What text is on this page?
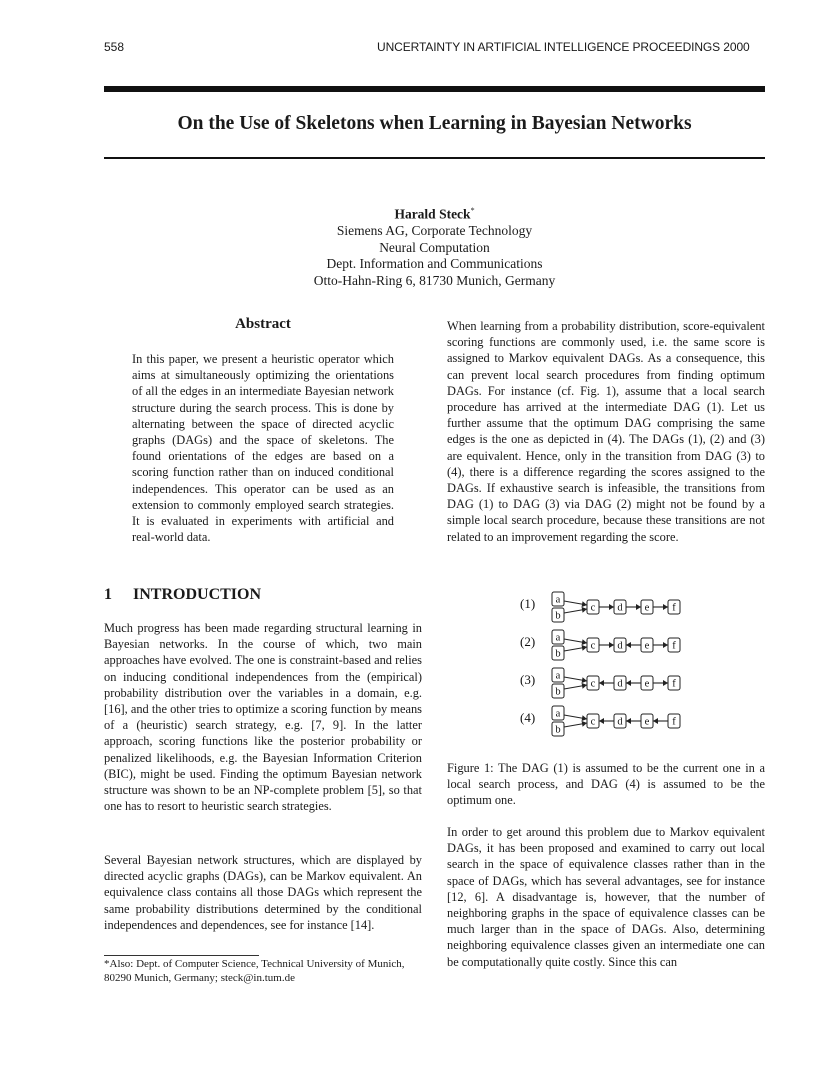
558	UNCERTAINTY IN ARTIFICIAL INTELLIGENCE PROCEEDINGS 2000
On the Use of Skeletons when Learning in Bayesian Networks
Harald Steck*
Siemens AG, Corporate Technology
Neural Computation
Dept. Information and Communications
Otto-Hahn-Ring 6, 81730 Munich, Germany
Abstract

In this paper, we present a heuristic operator which aims at simultaneously optimizing the orientations of all the edges in an intermediate Bayesian network structure during the search process. This is done by alternating between the space of directed acyclic graphs (DAGs) and the space of skeletons. The found orientations of the edges are based on a scoring function rather than on induced conditional independences. This operator can be used as an extension to commonly employed search strategies. It is evaluated in experiments with artificial and real-world data.

1 INTRODUCTION

Much progress has been made regarding structural learning in Bayesian networks. In the course of which, two main approaches have evolved. The one is constraint-based and relies on inducing conditional independences from the (empirical) probability distribution over the variables in a domain, e.g. [16], and the other tries to optimize a scoring function by means of a (heuristic) search strategy, e.g. [7, 9]. In the latter approach, scoring functions like the posterior probability or penalized likelihoods, e.g. the Bayesian Information Criterion (BIC), might be used. Finding the optimum Bayesian network structure was shown to be an NP-complete problem [5], so that one has to resort to heuristic search strategies.

Several Bayesian network structures, which are displayed by directed acyclic graphs (DAGs), can be Markov equivalent. An equivalence class contains all those DAGs which represent the same probability distributions determined by the conditional independences and dependences, see for instance [14].

*Also: Dept. of Computer Science, Technical University of Munich, 80290 Munich, Germany; steck@in.tum.de

When learning from a probability distribution, score-equivalent scoring functions are commonly used, i.e. the same score is assigned to Markov equivalent DAGs. As a consequence, this can prevent local search procedures from finding optimum DAGs. For instance (cf. Fig. 1), assume that a local search procedure has arrived at the intermediate DAG (1). Let us further assume that the optimum DAG comprising the same edges is the one as depicted in (4). The DAGs (1), (2) and (3) are equivalent. Hence, only in the transition from DAG (3) to (4), there is a difference regarding the scores assigned to the DAGs. If exhaustive search is infeasible, the transitions from DAG (1) to DAG (3) via DAG (2) might not be found by a simple local search procedure, because these transitions are not related to an improvement regarding the score.

(1) a
b
c d e f
(2) a
b
c d e f
(3) a
b
c d e f
(4) a
b
c d e f
Figure 1: The DAG (1) is assumed to be the current one in a local search process, and DAG (4) is assumed to be the optimum one.

In order to get around this problem due to Markov equivalent DAGs, it has been proposed and examined to carry out local search in the space of equivalence classes rather than in the space of DAGs, which has several advantages, see for instance [12, 6]. A disadvantage is, however, that the number of neighboring graphs in the space of equivalence classes can be much larger than in the space of DAGs. Also, determining neighboring equivalence classes given an intermediate one can be computationally quite costly. Since this can
